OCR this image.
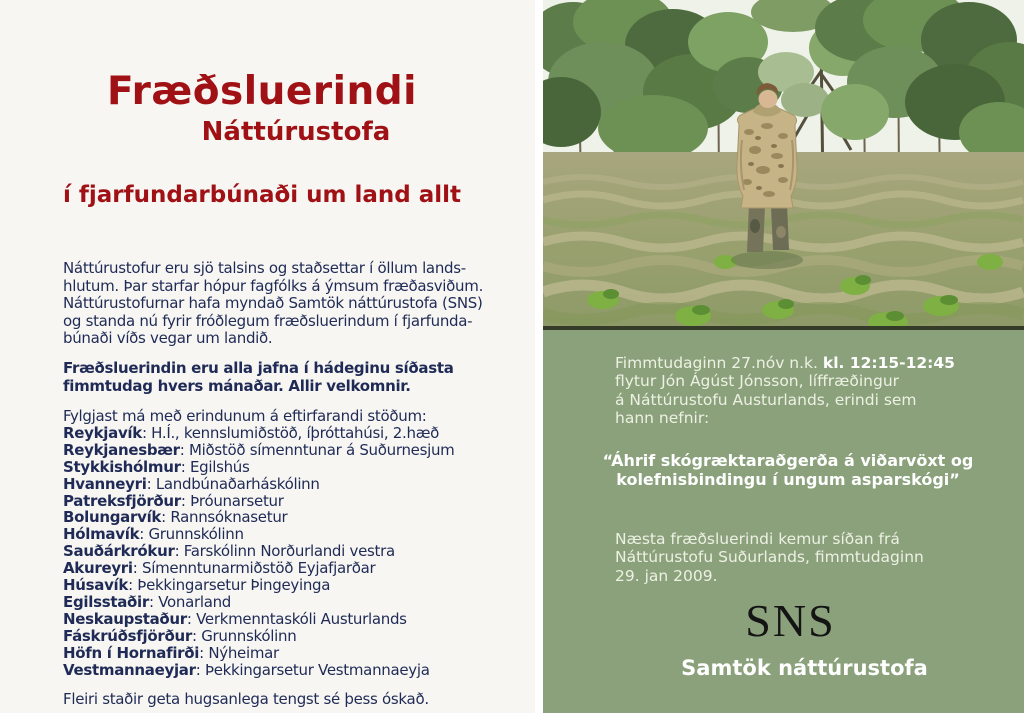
Fræðsluerindi
Náttúrustofa
í fjarfundarbúnaði um land allt
Náttúrustofur eru sjö talsins og staðsettar í öllum lands-
hlutum. Þar starfar hópur fagfólks á ýmsum fræðasviðum.
Náttúrustofurnar hafa myndað Samtök náttúrustofa (SNS)
og standa nú fyrir fróðlegum fræðsluerindum í fjarfunda-
búnaði víðs vegar um landið.
Fræðsluerindin eru alla jafna í hádeginu síðasta
fimmtudag hvers mánaðar. Allir velkomnir.
Fylgjast má með erindunum á eftirfarandi stöðum:
Reykjavík: H.Í., kennslumiðstöð, íþróttahúsi, 2.hæð
Reykjanesbær: Miðstöð símenntunar á Suðurnesjum
Stykkishólmur: Egilshús
Hvanneyri: Landbúnaðarháskólinn
Patreksfjörður: Þróunarsetur
Bolungarvík: Rannsóknasetur
Hólmavík: Grunnskólinn
Sauðárkrókur: Farskólinn Norðurlandi vestra
Akureyri: Símenntunarmiðstöð Eyjafjarðar
Húsavík: Þekkingarsetur Þingeyinga
Egilsstaðir: Vonarland
Neskaupstaður: Verkmenntaskóli Austurlands
Fáskrúðsfjörður: Grunnskólinn
Höfn í Hornafirði: Nýheimar
Vestmannaeyjar: Þekkingarsetur Vestmannaeyja
Fleiri staðir geta hugsanlega tengst sé þess óskað.
Fimmtudaginn 27.nóv n.k. kl. 12:15-12:45
flytur Jón Ágúst Jónsson, líffræðingur
á Náttúrustofu Austurlands, erindi sem
hann nefnir:
“Áhrif skógræktaraðgerða á viðarvöxt og
kolefnisbindingu í ungum asparskógi”
Næsta fræðsluerindi kemur síðan frá
Náttúrustofu Suðurlands, fimmtudaginn
29. jan 2009.
SNS
Samtök náttúrustofa
